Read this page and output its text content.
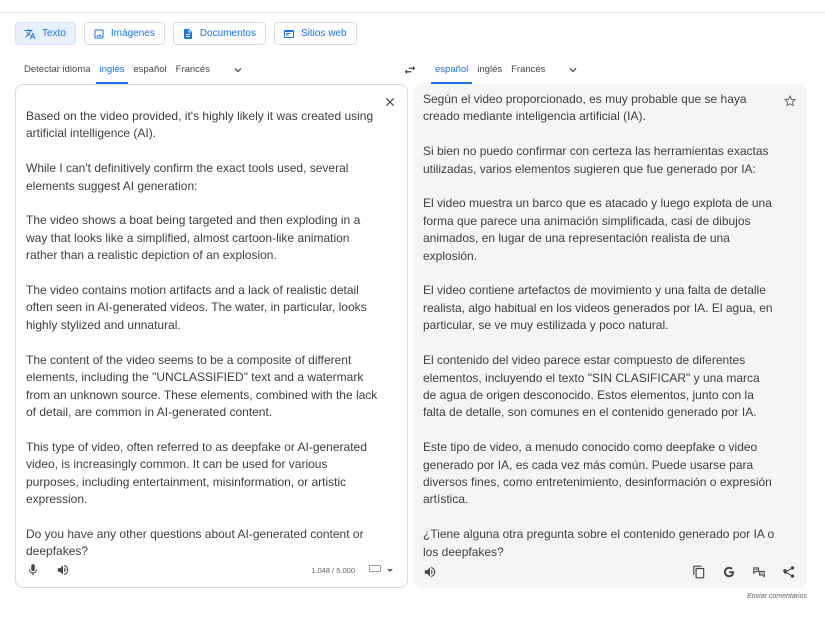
Texto	Imágenes	Documentos	Sitios web
Detectar idioma inglés español Francés	español inglés Francés
Based on the video provided, it's highly likely it was created using artificial intelligence (AI).

While I can't definitively confirm the exact tools used, several elements suggest AI generation:

The video shows a boat being targeted and then exploding in a way that looks like a simplified, almost cartoon-like animation rather than a realistic depiction of an explosion.

The video contains motion artifacts and a lack of realistic detail often seen in AI-generated videos. The water, in particular, looks highly stylized and unnatural.

The content of the video seems to be a composite of different elements, including the "UNCLASSIFIED" text and a watermark from an unknown source. These elements, combined with the lack of detail, are common in AI-generated content.

This type of video, often referred to as deepfake or AI-generated video, is increasingly common. It can be used for various purposes, including entertainment, misinformation, or artistic expression.

Do you have any other questions about AI-generated content or deepfakes?
1.048 / 5.000
Según el video proporcionado, es muy probable que se haya creado mediante inteligencia artificial (IA).

Si bien no puedo confirmar con certeza las herramientas exactas utilizadas, varios elementos sugieren que fue generado por IA:

El video muestra un barco que es atacado y luego explota de una forma que parece una animación simplificada, casi de dibujos animados, en lugar de una representación realista de una explosión.

El video contiene artefactos de movimiento y una falta de detalle realista, algo habitual en los videos generados por IA. El agua, en particular, se ve muy estilizada y poco natural.

El contenido del video parece estar compuesto de diferentes elementos, incluyendo el texto "SIN CLASIFICAR" y una marca de agua de origen desconocido. Estos elementos, junto con la falta de detalle, son comunes en el contenido generado por IA.

Este tipo de video, a menudo conocido como deepfake o video generado por IA, es cada vez más común. Puede usarse para diversos fines, como entretenimiento, desinformación o expresión artística.

¿Tiene alguna otra pregunta sobre el contenido generado por IA o los deepfakes?
Enviar comentarios
